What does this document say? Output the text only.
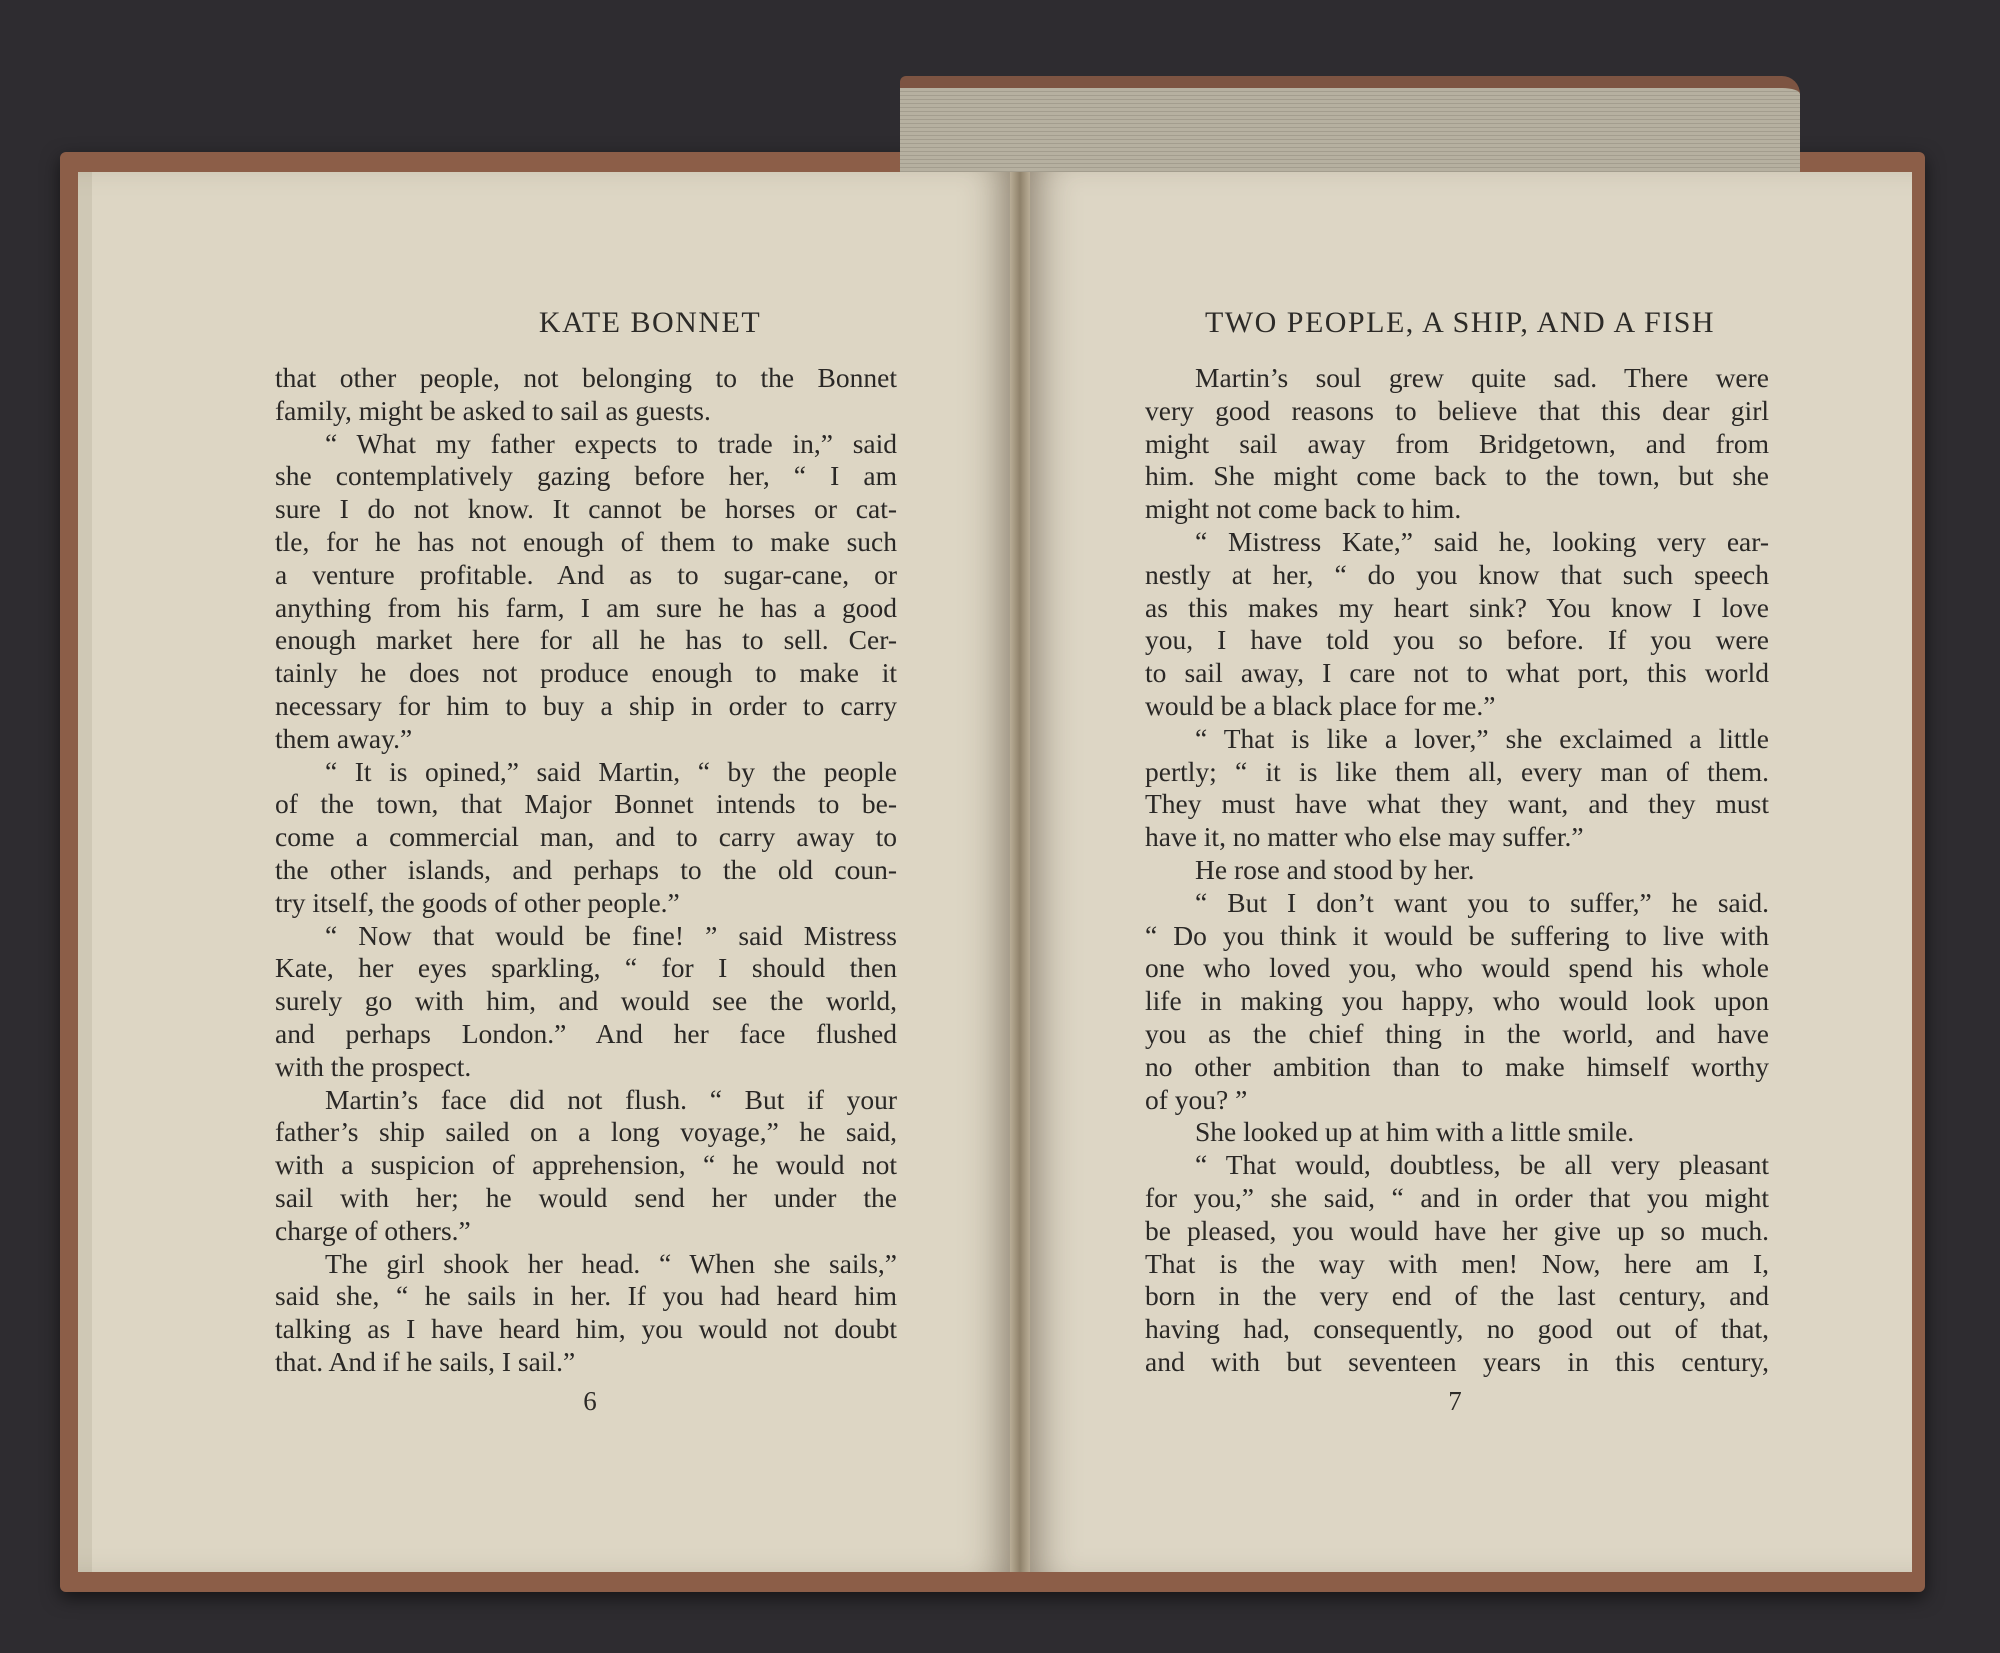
KATE BONNET
that other people, not belonging to the Bonnet
family, might be asked to sail as guests.
“ What my father expects to trade in,” said
she contemplatively gazing before her, “ I am
sure I do not know. It cannot be horses or cat-
tle, for he has not enough of them to make such
a venture profitable. And as to sugar-cane, or
anything from his farm, I am sure he has a good
enough market here for all he has to sell. Cer-
tainly he does not produce enough to make it
necessary for him to buy a ship in order to carry
them away.”
“ It is opined,” said Martin, “ by the people
of the town, that Major Bonnet intends to be-
come a commercial man, and to carry away to
the other islands, and perhaps to the old coun-
try itself, the goods of other people.”
“ Now that would be fine! ” said Mistress
Kate, her eyes sparkling, “ for I should then
surely go with him, and would see the world,
and perhaps London.” And her face flushed
with the prospect.
Martin’s face did not flush. “ But if your
father’s ship sailed on a long voyage,” he said,
with a suspicion of apprehension, “ he would not
sail with her; he would send her under the
charge of others.”
The girl shook her head. “ When she sails,”
said she, “ he sails in her. If you had heard him
talking as I have heard him, you would not doubt
that. And if he sails, I sail.”
6
TWO PEOPLE, A SHIP, AND A FISH
Martin’s soul grew quite sad. There were
very good reasons to believe that this dear girl
might sail away from Bridgetown, and from
him. She might come back to the town, but she
might not come back to him.
“ Mistress Kate,” said he, looking very ear-
nestly at her, “ do you know that such speech
as this makes my heart sink? You know I love
you, I have told you so before. If you were
to sail away, I care not to what port, this world
would be a black place for me.”
“ That is like a lover,” she exclaimed a little
pertly; “ it is like them all, every man of them.
They must have what they want, and they must
have it, no matter who else may suffer.”
He rose and stood by her.
“ But I don’t want you to suffer,” he said.
“ Do you think it would be suffering to live with
one who loved you, who would spend his whole
life in making you happy, who would look upon
you as the chief thing in the world, and have
no other ambition than to make himself worthy
of you? ”
She looked up at him with a little smile.
“ That would, doubtless, be all very pleasant
for you,” she said, “ and in order that you might
be pleased, you would have her give up so much.
That is the way with men! Now, here am I,
born in the very end of the last century, and
having had, consequently, no good out of that,
and with but seventeen years in this century,
7
